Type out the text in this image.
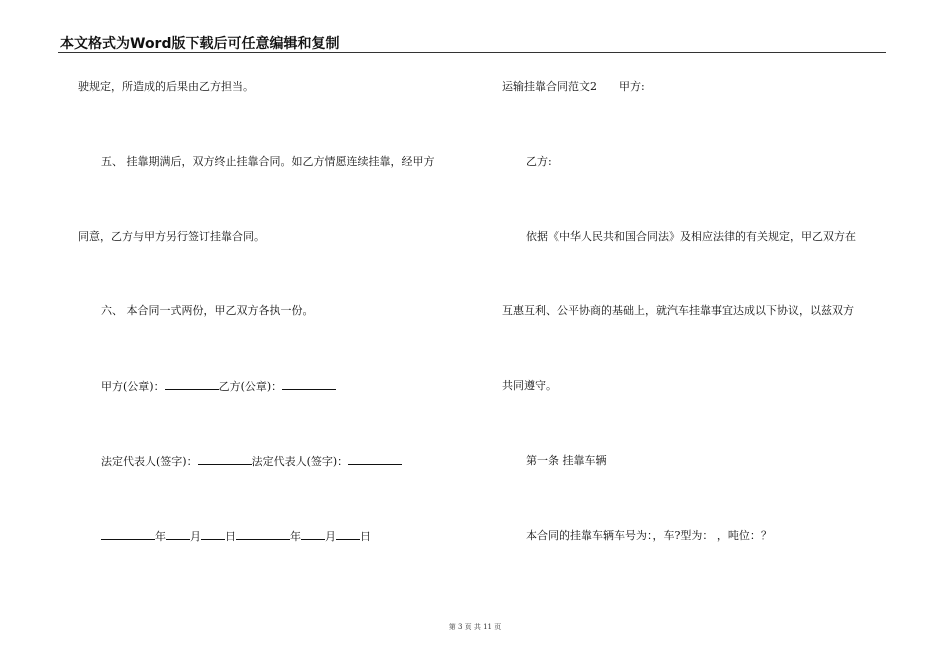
本文格式为Word版下载后可任意编辑和复制
驶规定，所造成的后果由乙方担当。
五、 挂靠期满后，双方终止挂靠合同。如乙方情愿连续挂靠，经甲方
同意，乙方与甲方另行签订挂靠合同。
六、 本合同一式两份，甲乙双方各执一份。
甲方(公章)：	乙方(公章)：
法定代表人(签字)：	法定代表人(签字)：
年 月 日	年 月 日
运输挂靠合同范文2 甲方:
乙方:
依据《中华人民共和国合同法》及相应法律的有关规定，甲乙双方在
互惠互利、公平协商的基础上，就汽车挂靠事宜达成以下协议，以兹双方
共同遵守。
第一条 挂靠车辆
本合同的挂靠车辆车号为：，车?型为： ，吨位：？
第 3 页 共 11 页
